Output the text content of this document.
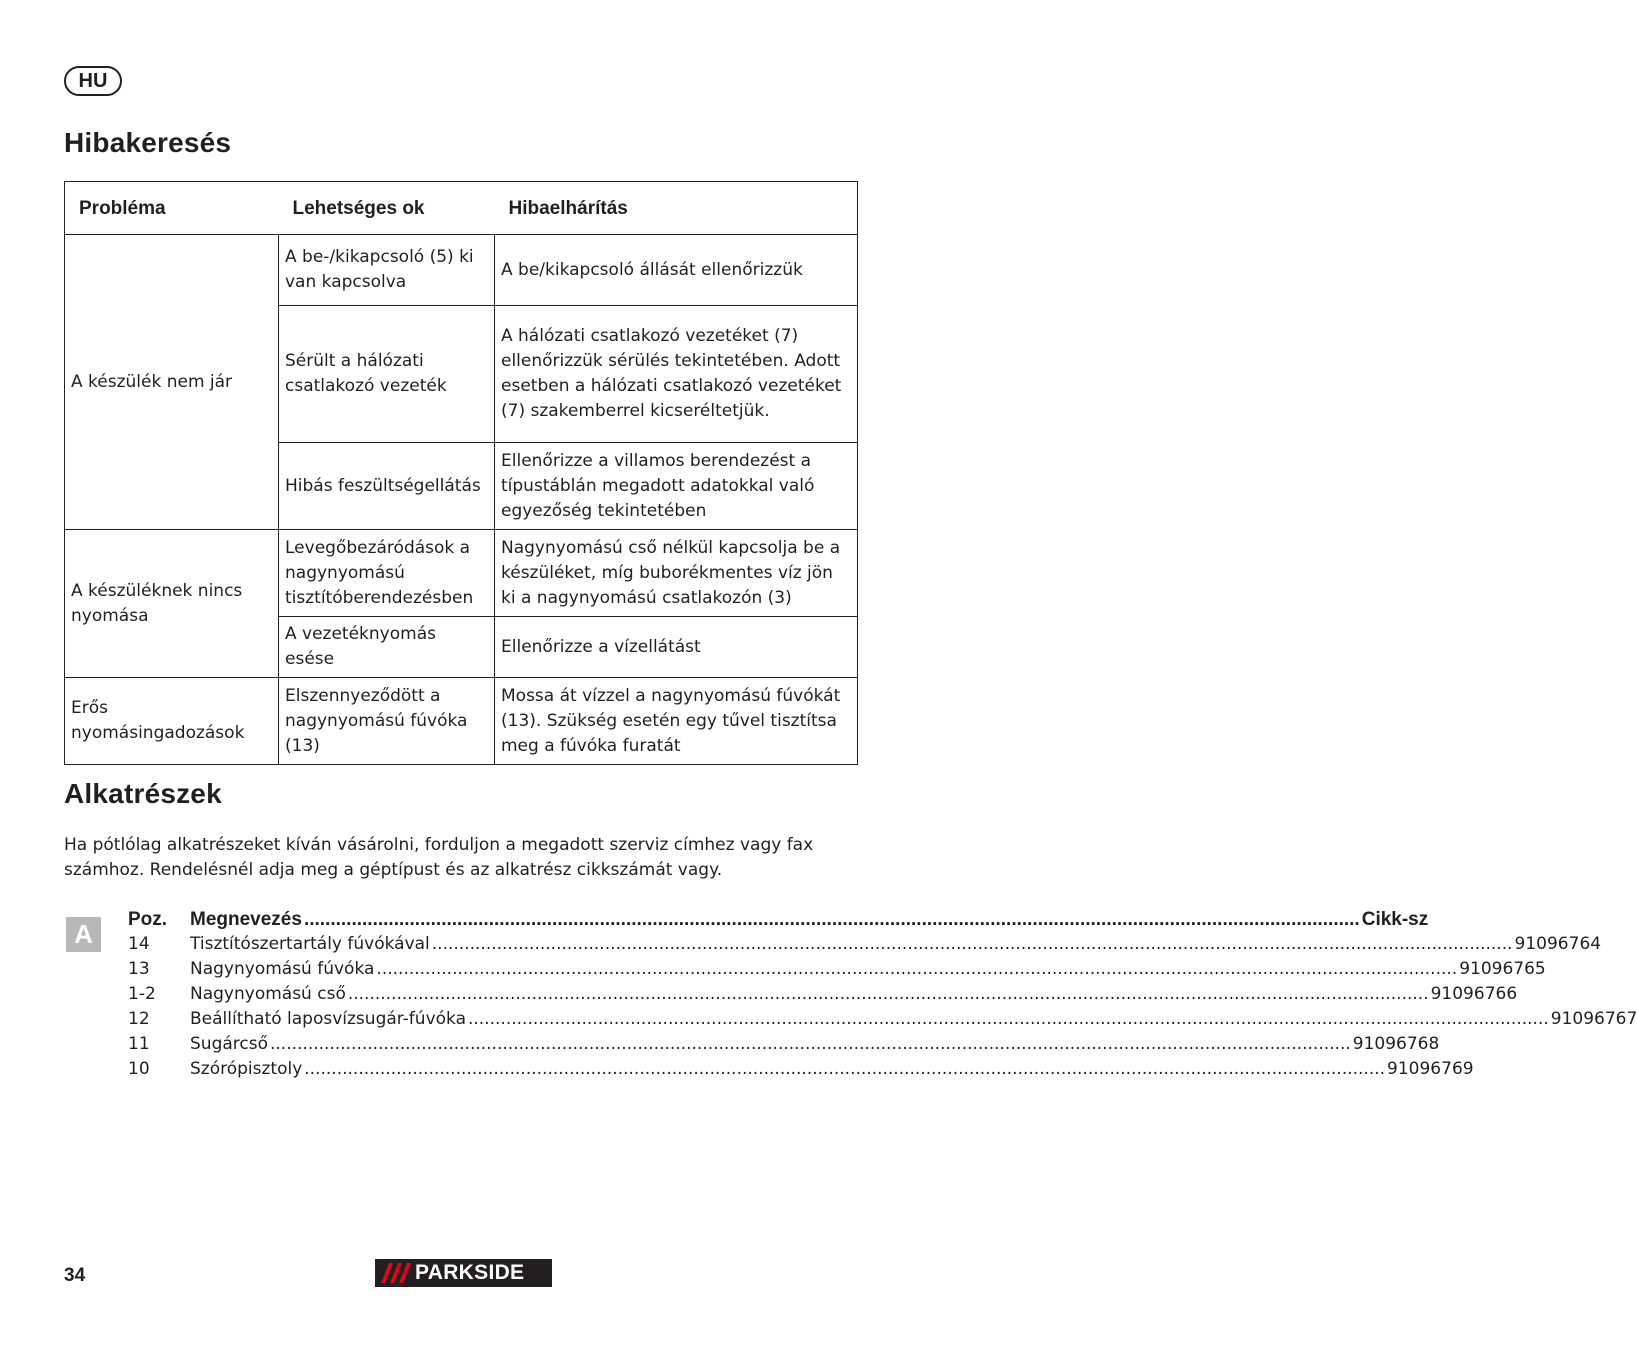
HU
Hibakeresés
Probléma	Lehetséges ok	Hibaelhárítás
A készülék nem jár	A be-/kikapcsoló (5) ki van kapcsolva	A be/kikapcsoló állását ellenőrizzük
	Sérült a hálózati csatlakozó vezeték	A hálózati csatlakozó vezetéket (7) ellenőrizzük sérülés tekintetében. Adott esetben a hálózati csatlakozó vezetéket (7) szakemberrel kicseréltetjük.
	Hibás feszültségellátás	Ellenőrizze a villamos berendezést a típustáblán megadott adatokkal való egyezőség tekintetében
A készüléknek nincs nyomása	Levegőbezáródások a nagynyomású tisztítóberendezésben	Nagynyomású cső nélkül kapcsolja be a készüléket, míg buborékmentes víz jön ki a nagynyomású csatlakozón (3)
	A vezetéknyomás esése	Ellenőrizze a vízellátást
Erős nyomásingadozások	Elszennyeződött a nagynyomású fúvóka (13)	Mossa át vízzel a nagynyomású fúvókát (13). Szükség esetén egy tűvel tisztítsa meg a fúvóka furatát
Alkatrészek

Ha pótlólag alkatrészeket kíván vásárolni, forduljon a megadott szerviz címhez vagy fax számhoz. Rendelésnél adja meg a géptípust és az alkatrész cikkszámát vagy.

A	Poz.	Megnevezés ........................................................................................................................................................................................................ Cikk-sz
14	Tisztítószertartály fúvókával ........................................................................................................................................................................................................ 91096764
13	Nagynyomású fúvóka ........................................................................................................................................................................................................ 91096765
1-2	Nagynyomású cső ........................................................................................................................................................................................................ 91096766
12	Beállítható laposvízsugár-fúvóka ........................................................................................................................................................................................................ 91096767
11	Sugárcső ........................................................................................................................................................................................................ 91096768
10	Szórópisztoly ........................................................................................................................................................................................................ 91096769
34	PARKSIDE
